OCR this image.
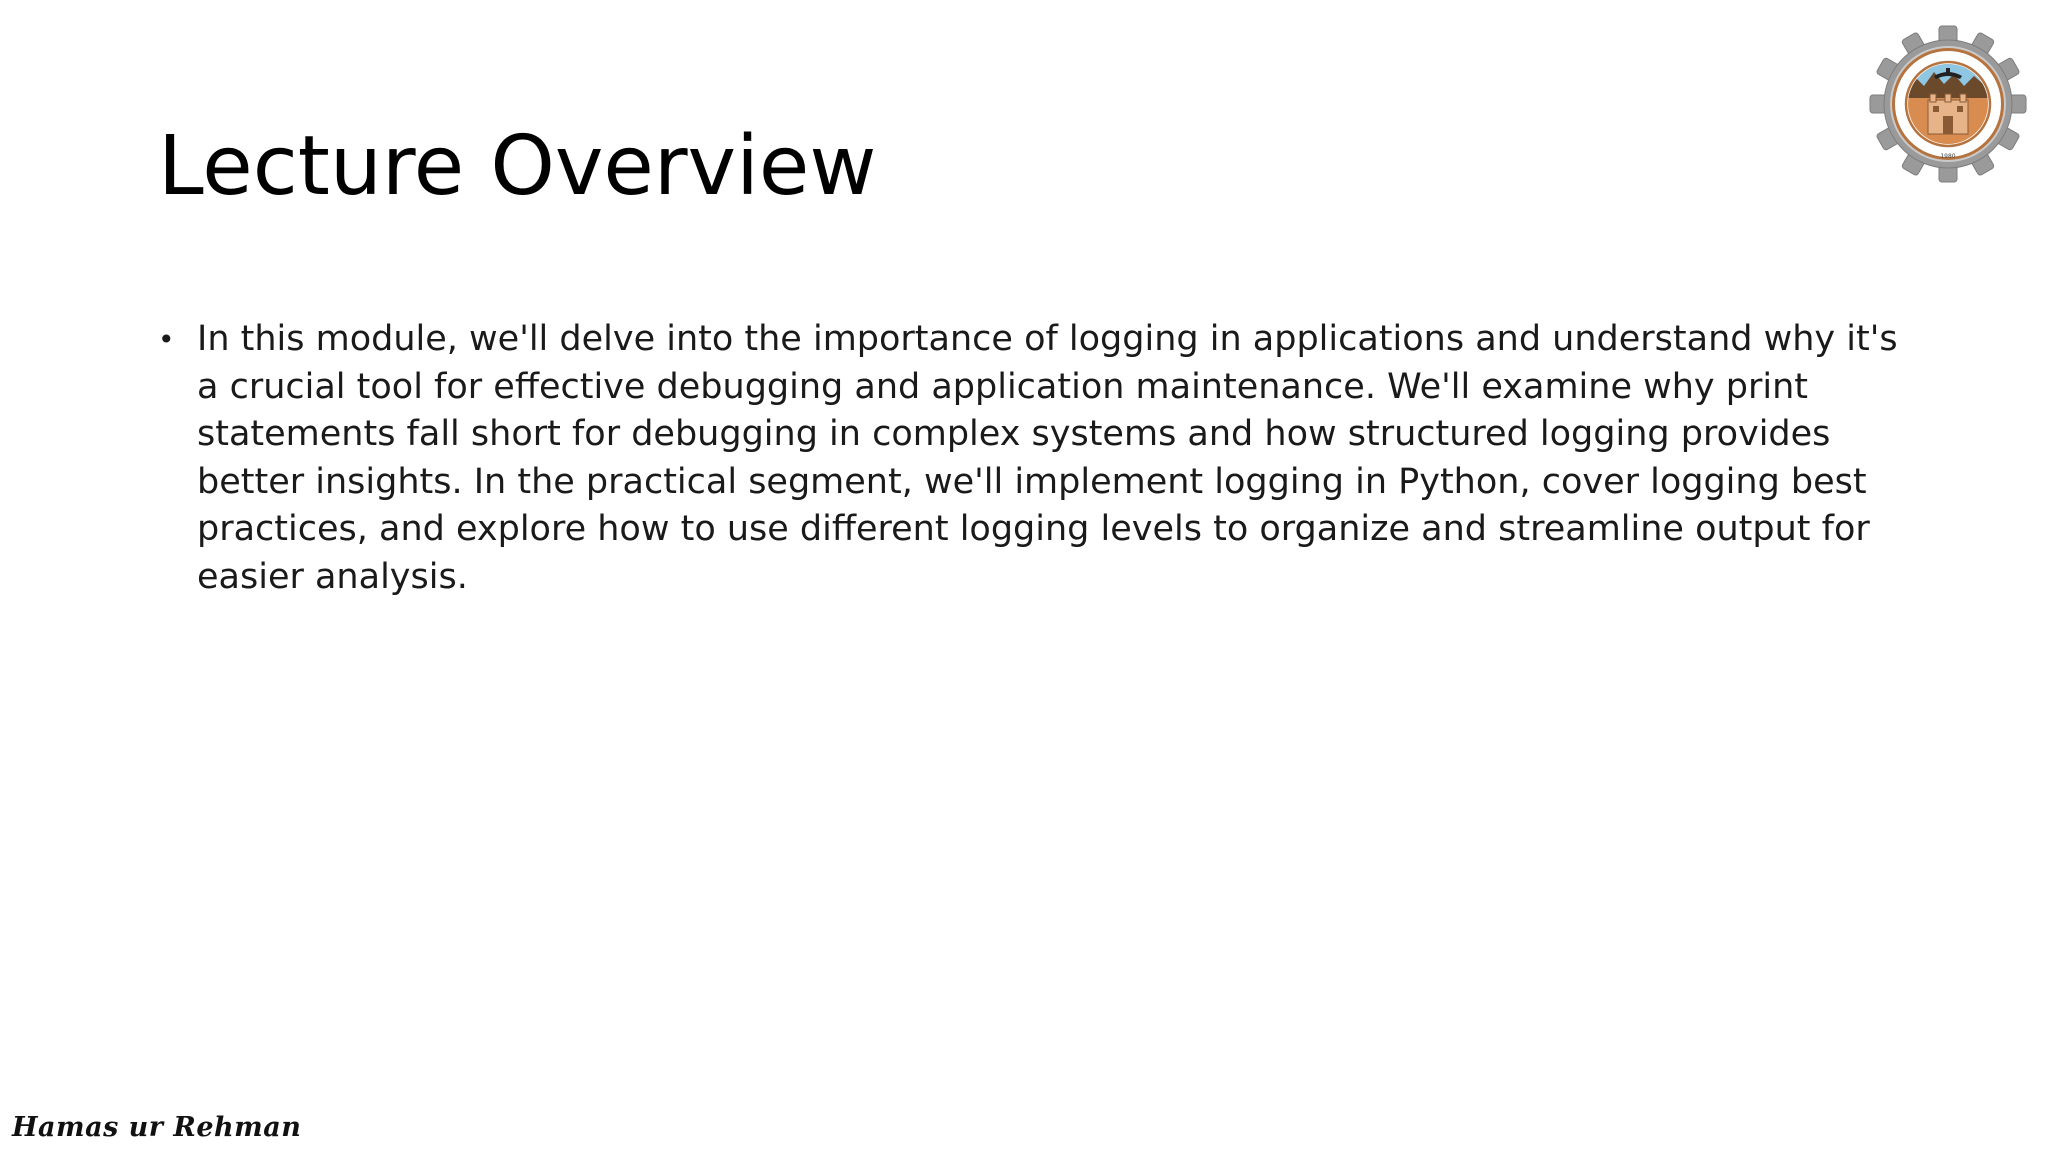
Lecture Overview
• In this module, we'll delve into the importance of logging in applications and understand why it's a crucial tool for effective debugging and application maintenance. We'll examine why print statements fall short for debugging in complex systems and how structured logging provides better insights. In the practical segment, we'll implement logging in Python, cover logging best practices, and explore how to use different logging levels to organize and streamline output for easier analysis.
1980
Hamas ur Rehman
